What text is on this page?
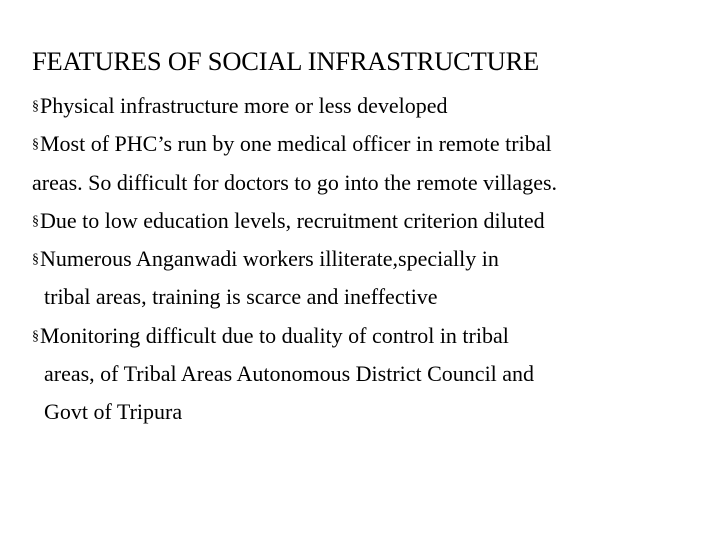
FEATURES OF SOCIAL INFRASTRUCTURE
§Physical infrastructure more or less developed
§Most of PHC’s run by one medical officer in remote tribal
areas. So difficult for doctors to go into the remote villages.
§Due to low education levels, recruitment criterion diluted
§Numerous Anganwadi workers illiterate,specially in
tribal areas, training is scarce and ineffective
§Monitoring difficult due to duality of control in tribal
areas, of Tribal Areas Autonomous District Council and
Govt of Tripura
